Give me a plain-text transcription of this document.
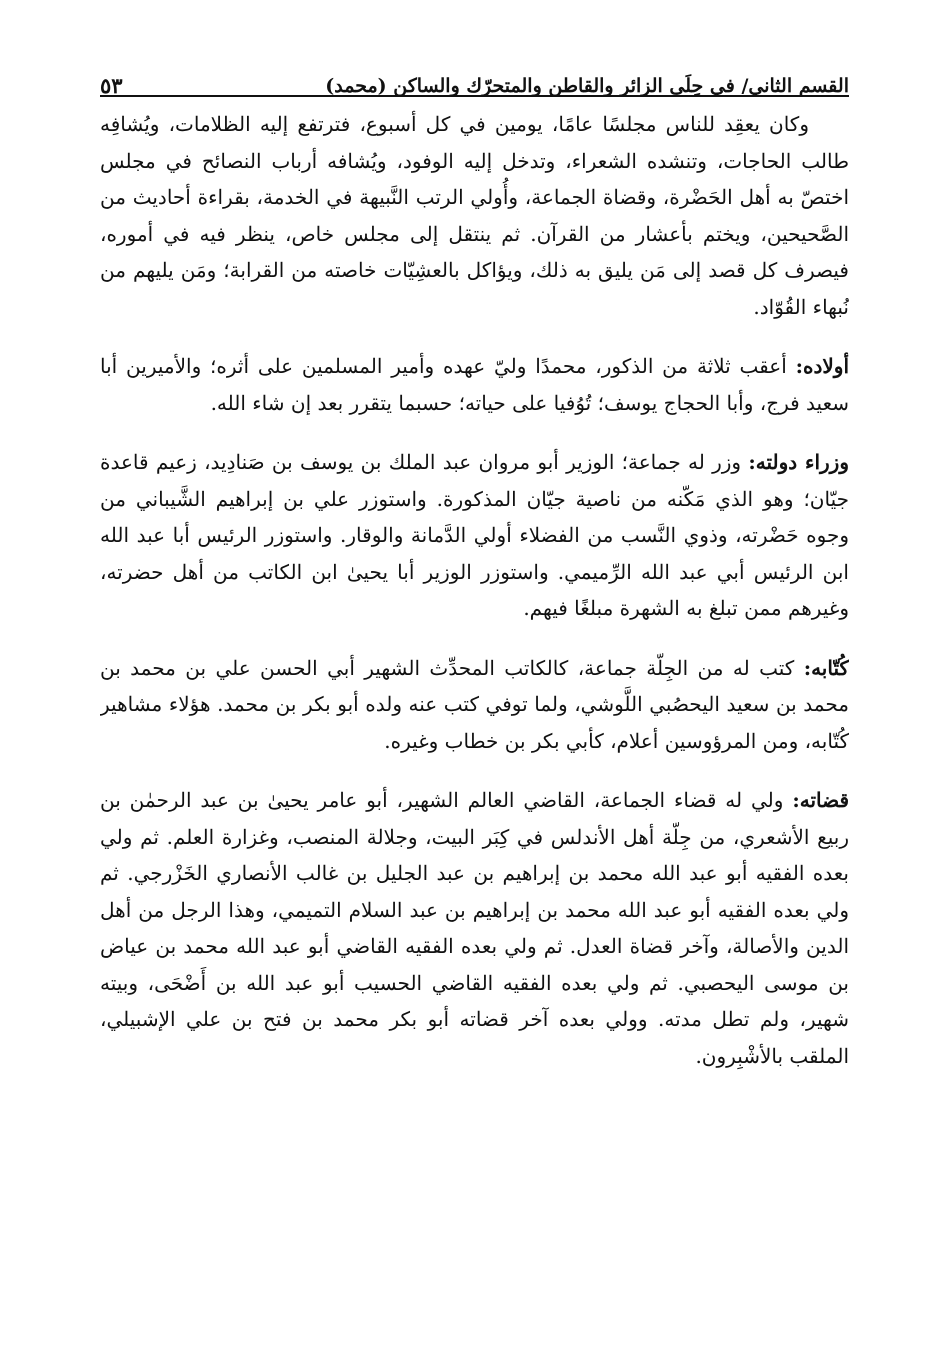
القسم الثاني/ في حِلَى الزائر والقاطن والمتحرّك والساكن (محمد)
٥٣

وكان يعقِد للناس مجلسًا عامًا، يومين في كل أسبوع، فترتفع إليه الظلامات، ويُشافِه طالب الحاجات، وتنشده الشعراء، وتدخل إليه الوفود، ويُشافه أرباب النصائح في مجلس اختصّ به أهل الحَضْرة، وقضاة الجماعة، وأُولي الرتب النَّبيهة في الخدمة، بقراءة أحاديث من الصَّحيحين، ويختم بأعشار من القرآن. ثم ينتقل إلى مجلس خاص، ينظر فيه في أموره، فيصرف كل قصد إلى مَن يليق به ذلك، ويؤاكل بالعشِيّات خاصته من القرابة؛ ومَن يليهم من نُبهاء القُوّاد.

أولاده: أعقب ثلاثة من الذكور، محمدًا وليّ عهده وأمير المسلمين على أثره؛ والأميرين أبا سعيد فرج، وأبا الحجاج يوسف؛ تُوُفيا على حياته؛ حسبما يتقرر بعد إن شاء الله.

وزراء دولته: وزر له جماعة؛ الوزير أبو مروان عبد الملك بن يوسف بن صَنادِيد، زعيم قاعدة جيّان؛ وهو الذي مَكّنه من ناصية جيّان المذكورة. واستوزر علي بن إبراهيم الشَّيباني من وجوه حَضْرته، وذوي النَّسب من الفضلاء أولي الدَّمانة والوقار. واستوزر الرئيس أبا عبد الله ابن الرئيس أبي عبد الله الرِّميمي. واستوزر الوزير أبا يحيىٰ ابن الكاتب من أهل حضرته، وغيرهم ممن تبلغ به الشهرة مبلغًا فيهم.

كُتّابه: كتب له من الجِلّة جماعة، كالكاتب المحدِّث الشهير أبي الحسن علي بن محمد بن محمد بن سعيد اليحصُبي اللَّوشي، ولما توفي كتب عنه ولده أبو بكر بن محمد. هؤلاء مشاهير كُتّابه، ومن المرؤوسين أعلام، كأبي بكر بن خطاب وغيره.

قضاته: ولي له قضاء الجماعة، القاضي العالم الشهير، أبو عامر يحيىٰ بن عبد الرحمٰن بن ربيع الأشعري، من جِلّة أهل الأندلس في كِبَر البيت، وجلالة المنصب، وغزارة العلم. ثم ولي بعده الفقيه أبو عبد الله محمد بن إبراهيم بن عبد الجليل بن غالب الأنصاري الخَزْرجي. ثم ولي بعده الفقيه أبو عبد الله محمد بن إبراهيم بن عبد السلام التميمي، وهذا الرجل من أهل الدين والأصالة، وآخر قضاة العدل. ثم ولي بعده الفقيه القاضي أبو عبد الله محمد بن عياض بن موسى اليحصبي. ثم ولي بعده الفقيه القاضي الحسيب أبو عبد الله بن أَضْحَى، وبيته شهير، ولم تطل مدته. وولي بعده آخر قضاته أبو بكر محمد بن فتح بن علي الإشبيلي، الملقب بالأشْبِرون.
